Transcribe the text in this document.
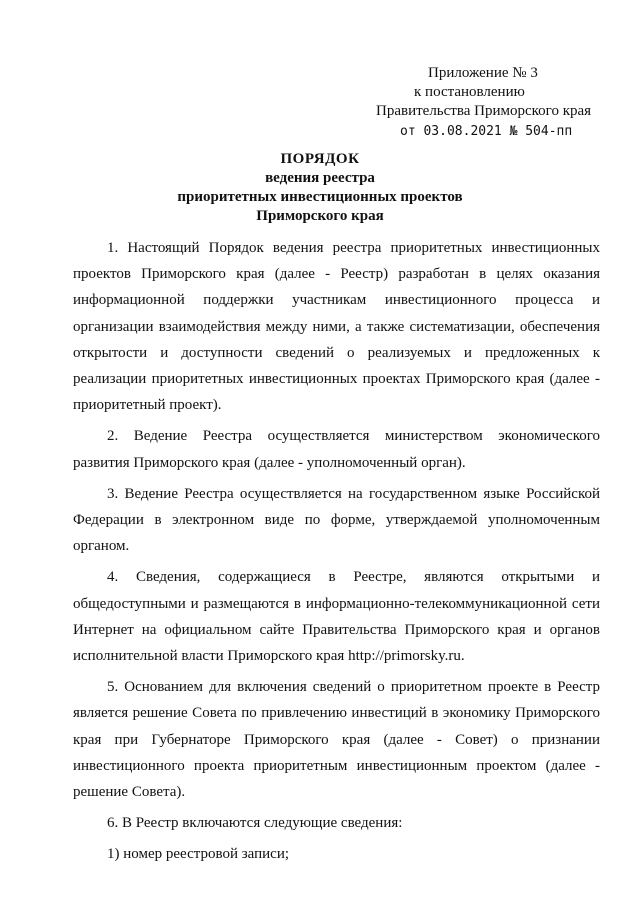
Приложение № 3
к постановлению
Правительства Приморского края
от 03.08.2021 № 504-пп
ПОРЯДОК
ведения реестра
приоритетных инвестиционных проектов
Приморского края

1. Настоящий Порядок ведения реестра приоритетных инвестиционных проектов Приморского края (далее - Реестр) разработан в целях оказания информационной поддержки участникам инвестиционного процесса и организации взаимодействия между ними, а также систематизации, обеспечения открытости и доступности сведений о реализуемых и предложенных к реализации приоритетных инвестиционных проектах Приморского края (далее - приоритетный проект).

2. Ведение Реестра осуществляется министерством экономического развития Приморского края (далее - уполномоченный орган).

3. Ведение Реестра осуществляется на государственном языке Российской Федерации в электронном виде по форме, утверждаемой уполномоченным органом.

4. Сведения, содержащиеся в Реестре, являются открытыми и общедоступными и размещаются в информационно-телекоммуникационной сети Интернет на официальном сайте Правительства Приморского края и органов исполнительной власти Приморского края http://primorsky.ru.

5. Основанием для включения сведений о приоритетном проекте в Реестр является решение Совета по привлечению инвестиций в экономику Приморского края при Губернаторе Приморского края (далее - Совет) о признании инвестиционного проекта приоритетным инвестиционным проектом (далее - решение Совета).

6. В Реестр включаются следующие сведения:

1) номер реестровой записи;
